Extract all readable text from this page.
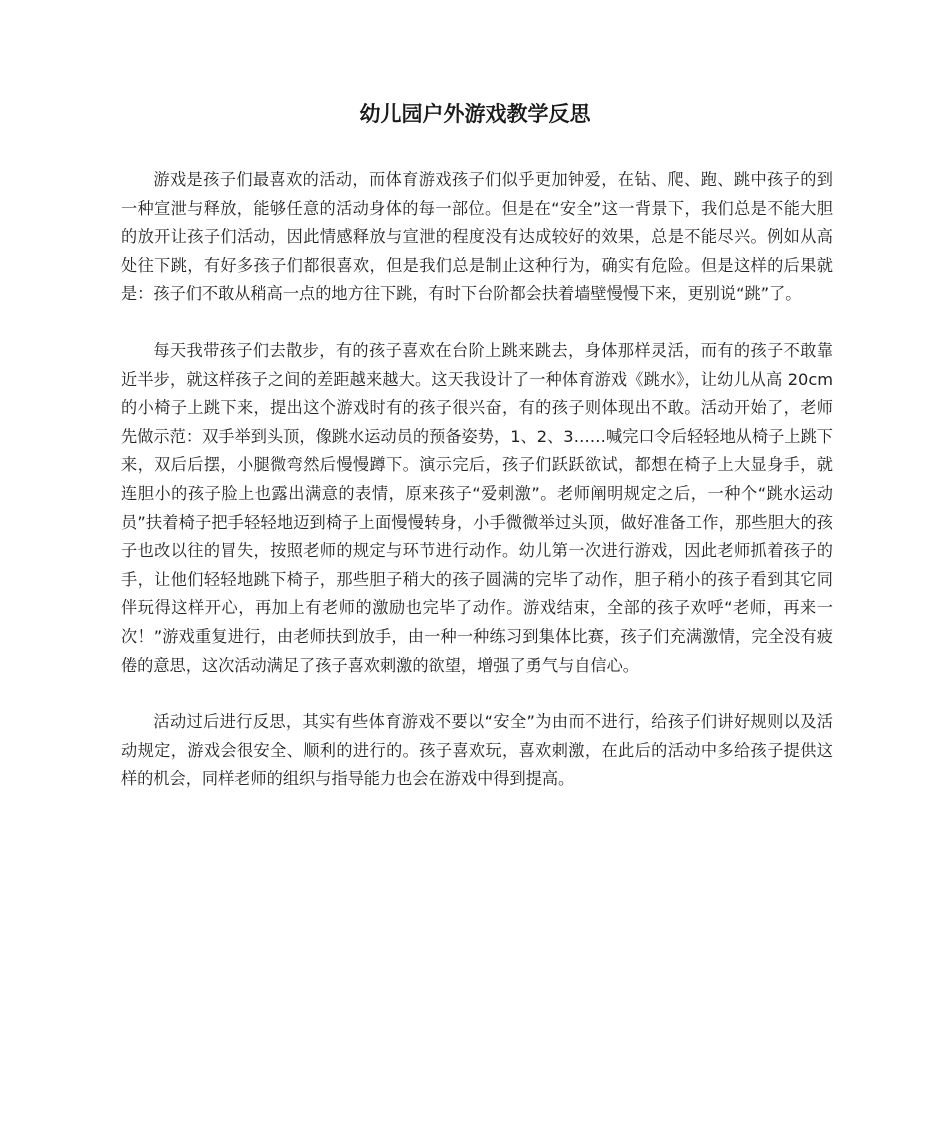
幼儿园户外游戏教学反思

游戏是孩子们最喜欢的活动，而体育游戏孩子们似乎更加钟爱，在钻、爬、跑、跳中孩子的到一种宣泄与释放，能够任意的活动身体的每一部位。但是在“安全”这一背景下，我们总是不能大胆的放开让孩子们活动，因此情感释放与宣泄的程度没有达成较好的效果，总是不能尽兴。例如从高处往下跳，有好多孩子们都很喜欢，但是我们总是制止这种行为，确实有危险。但是这样的后果就是：孩子们不敢从稍高一点的地方往下跳，有时下台阶都会扶着墙壁慢慢下来，更别说“跳”了。

每天我带孩子们去散步，有的孩子喜欢在台阶上跳来跳去，身体那样灵活，而有的孩子不敢靠近半步，就这样孩子之间的差距越来越大。这天我设计了一种体育游戏《跳水》，让幼儿从高 20cm 的小椅子上跳下来，提出这个游戏时有的孩子很兴奋，有的孩子则体现出不敢。活动开始了，老师先做示范：双手举到头顶，像跳水运动员的预备姿势，1、2、3……喊完口令后轻轻地从椅子上跳下来，双后后摆，小腿微弯然后慢慢蹲下。演示完后，孩子们跃跃欲试，都想在椅子上大显身手，就连胆小的孩子脸上也露出满意的表情，原来孩子“爱刺激”。老师阐明规定之后，一种个“跳水运动员”扶着椅子把手轻轻地迈到椅子上面慢慢转身，小手微微举过头顶，做好准备工作，那些胆大的孩子也改以往的冒失，按照老师的规定与环节进行动作。幼儿第一次进行游戏，因此老师抓着孩子的手，让他们轻轻地跳下椅子，那些胆子稍大的孩子圆满的完毕了动作，胆子稍小的孩子看到其它同伴玩得这样开心，再加上有老师的激励也完毕了动作。游戏结束，全部的孩子欢呼“老师，再来一次！”游戏重复进行，由老师扶到放手，由一种一种练习到集体比赛，孩子们充满激情，完全没有疲倦的意思，这次活动满足了孩子喜欢刺激的欲望，增强了勇气与自信心。

活动过后进行反思，其实有些体育游戏不要以“安全”为由而不进行，给孩子们讲好规则以及活动规定，游戏会很安全、顺利的进行的。孩子喜欢玩，喜欢刺激，在此后的活动中多给孩子提供这样的机会，同样老师的组织与指导能力也会在游戏中得到提高。
